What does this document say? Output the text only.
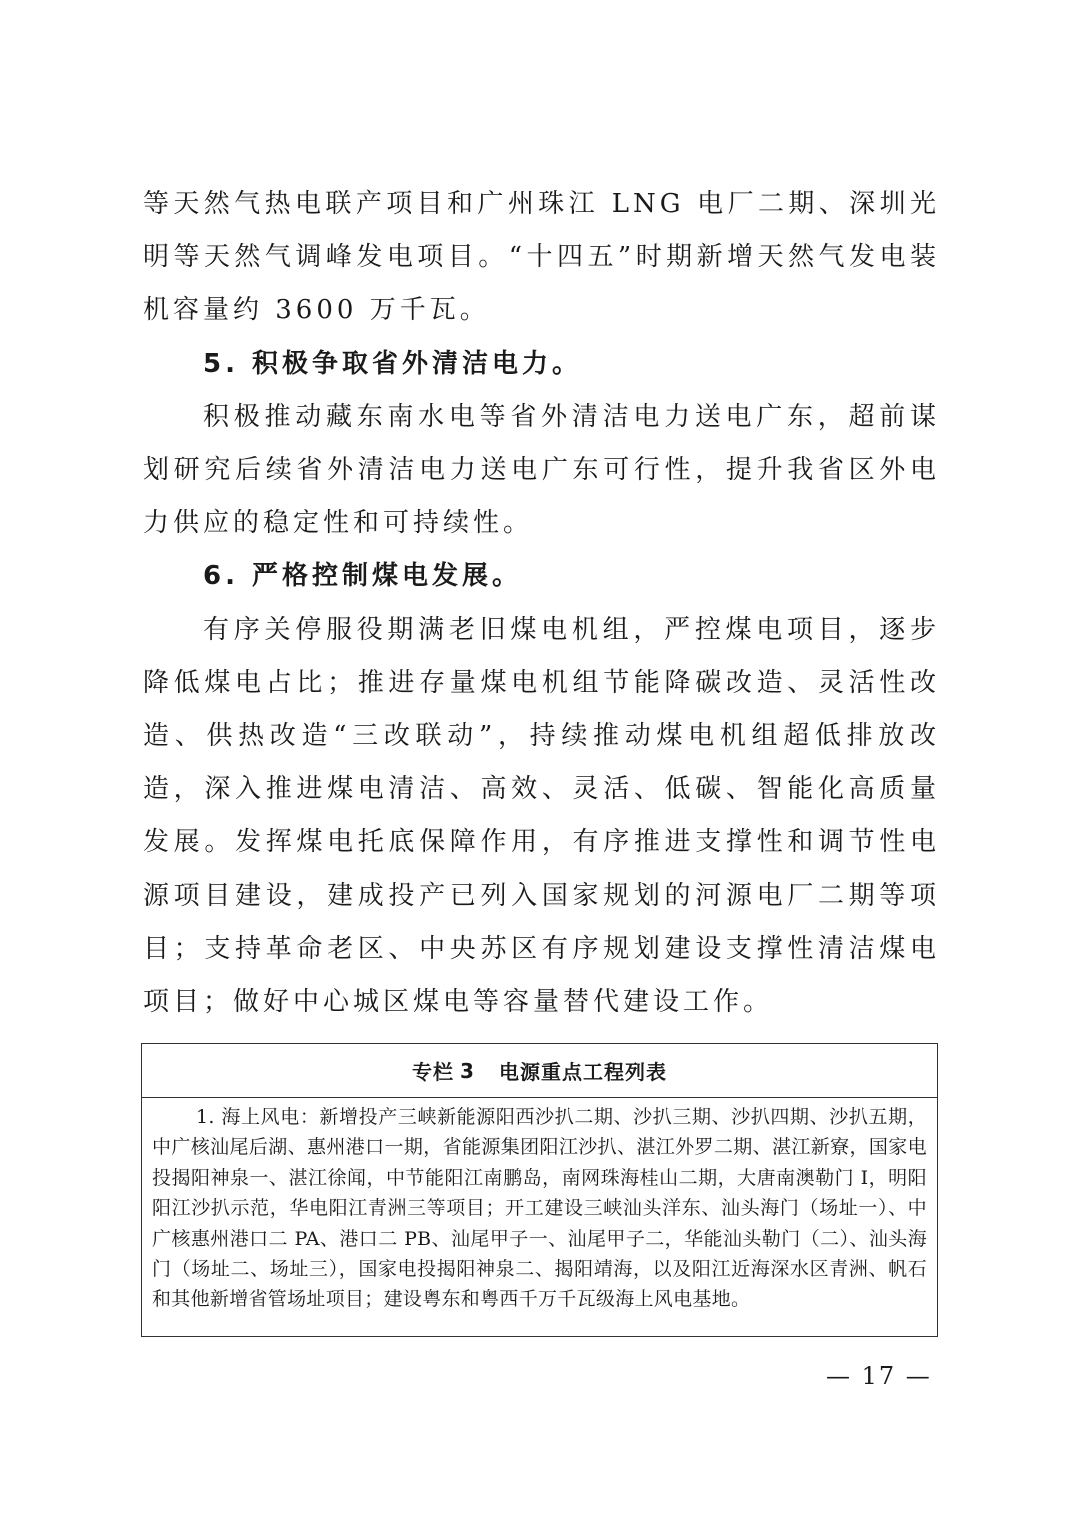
等天然气热电联产项目和广州珠江 LNG 电厂二期、深圳光明等天然气调峰发电项目。“十四五”时期新增天然气发电装机容量约 3600 万千瓦。

5. 积极争取省外清洁电力。

积极推动藏东南水电等省外清洁电力送电广东，超前谋划研究后续省外清洁电力送电广东可行性，提升我省区外电力供应的稳定性和可持续性。

6. 严格控制煤电发展。

有序关停服役期满老旧煤电机组，严控煤电项目，逐步降低煤电占比；推进存量煤电机组节能降碳改造、灵活性改造、供热改造“三改联动”，持续推动煤电机组超低排放改造，深入推进煤电清洁、高效、灵活、低碳、智能化高质量发展。发挥煤电托底保障作用，有序推进支撑性和调节性电源项目建设，建成投产已列入国家规划的河源电厂二期等项目；支持革命老区、中央苏区有序规划建设支撑性清洁煤电项目；做好中心城区煤电等容量替代建设工作。

专栏 3 电源重点工程列表
1. 海上风电：新增投产三峡新能源阳西沙扒二期、沙扒三期、沙扒四期、沙扒五期，中广核汕尾后湖、惠州港口一期，省能源集团阳江沙扒、湛江外罗二期、湛江新寮，国家电投揭阳神泉一、湛江徐闻，中节能阳江南鹏岛，南网珠海桂山二期，大唐南澳勒门 I，明阳阳江沙扒示范，华电阳江青洲三等项目；开工建设三峡汕头洋东、汕头海门（场址一）、中广核惠州港口二 PA、港口二 PB、汕尾甲子一、汕尾甲子二，华能汕头勒门（二）、汕头海门（场址二、场址三），国家电投揭阳神泉二、揭阳靖海，以及阳江近海深水区青洲、帆石和其他新增省管场址项目；建设粤东和粤西千万千瓦级海上风电基地。
— 17 —
